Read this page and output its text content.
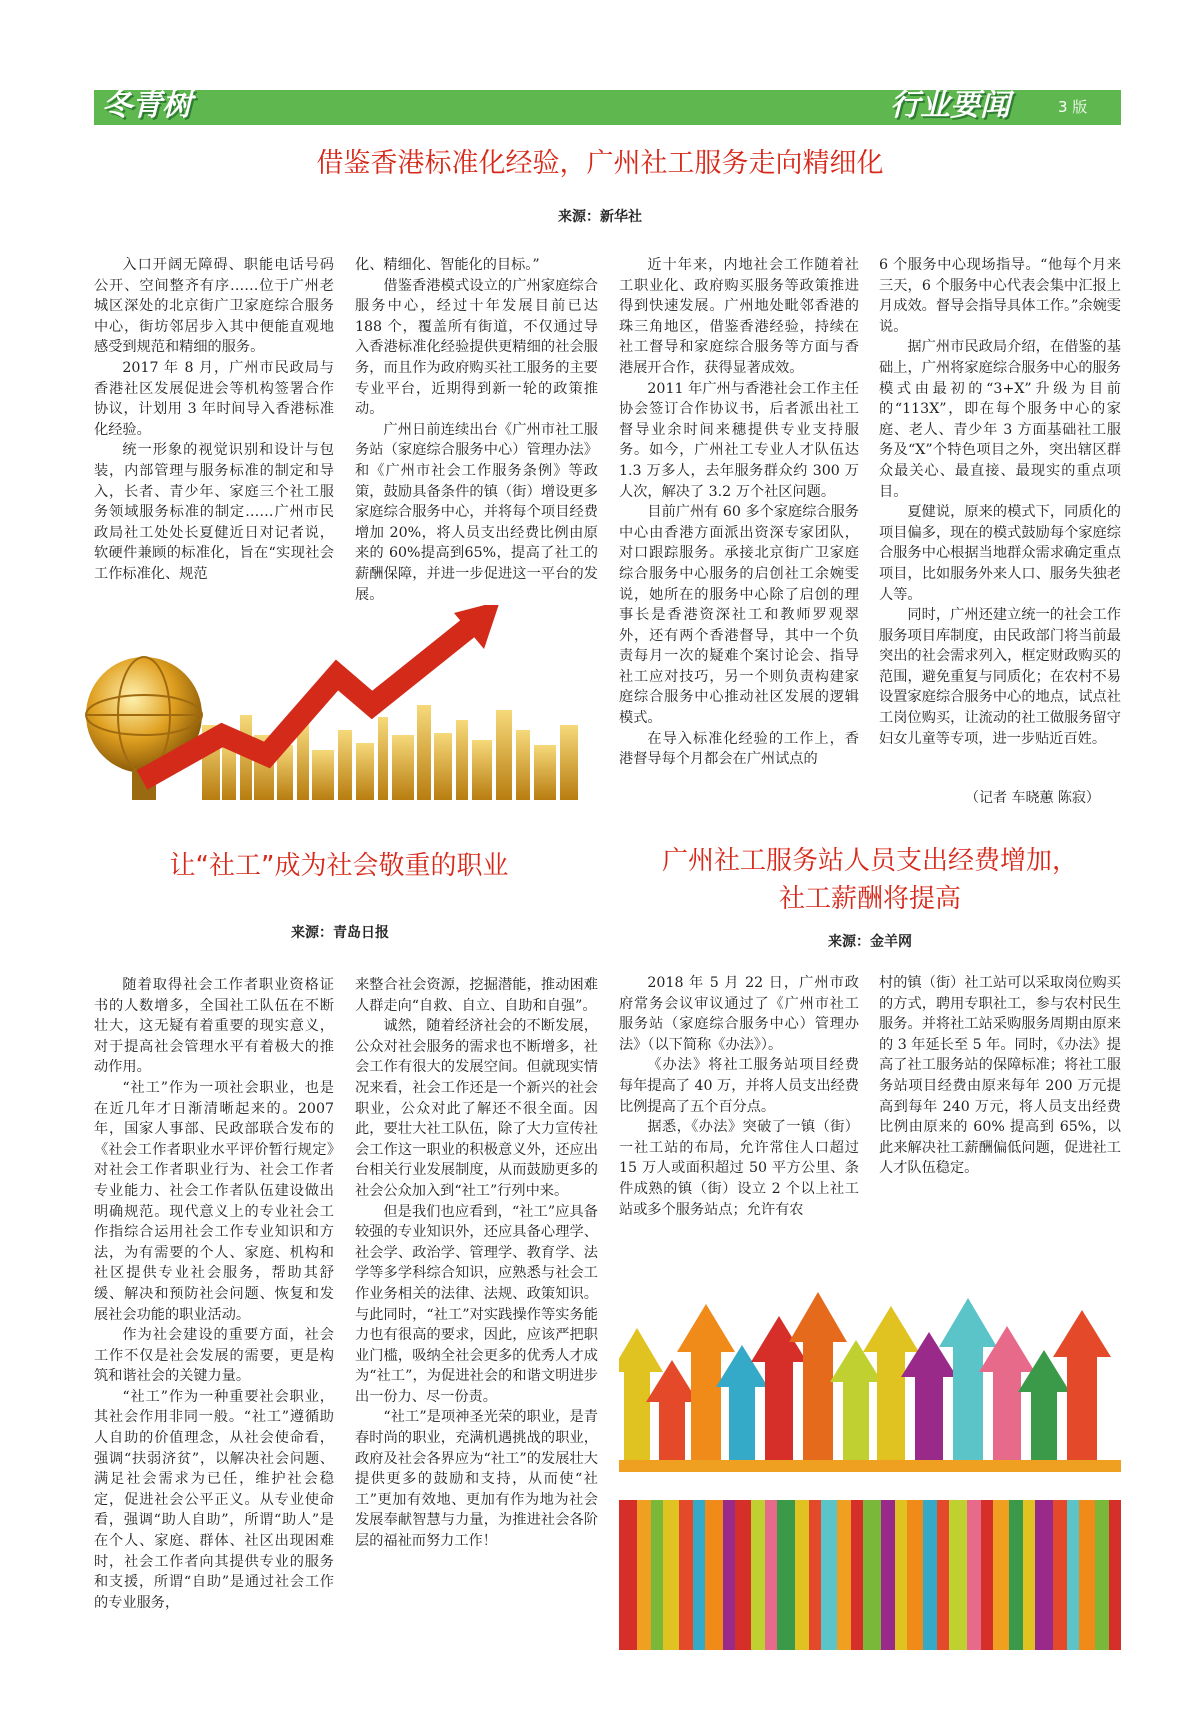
冬青树	行业要闻	3 版
借鉴香港标准化经验，广州社工服务走向精细化
来源：新华社

入口开阔无障碍、职能电话号码公开、空间整齐有序……位于广州老城区深处的北京街广卫家庭综合服务中心，街坊邻居步入其中便能直观地感受到规范和精细的服务。

2017 年 8 月，广州市民政局与香港社区发展促进会等机构签署合作协议，计划用 3 年时间导入香港标准化经验。

统一形象的视觉识别和设计与包装，内部管理与服务标准的制定和导入，长者、青少年、家庭三个社工服务领域服务标准的制定……广州市民政局社工处处长夏健近日对记者说，软硬件兼顾的标准化，旨在“实现社会工作标准化、规范

化、精细化、智能化的目标。”

借鉴香港模式设立的广州家庭综合服务中心，经过十年发展目前已达 188 个，覆盖所有街道，不仅通过导入香港标准化经验提供更精细的社会服务，而且作为政府购买社工服务的主要专业平台，近期得到新一轮的政策推动。

广州日前连续出台《广州市社工服务站（家庭综合服务中心）管理办法》和《广州市社会工作服务条例》等政策，鼓励具备条件的镇（街）增设更多家庭综合服务中心，并将每个项目经费增加 20%，将人员支出经费比例由原来的 60%提高到65%，提高了社工的薪酬保障，并进一步促进这一平台的发展。

近十年来，内地社会工作随着社工职业化、政府购买服务等政策推进得到快速发展。广州地处毗邻香港的珠三角地区，借鉴香港经验，持续在社工督导和家庭综合服务等方面与香港展开合作，获得显著成效。

2011 年广州与香港社会工作主任协会签订合作协议书，后者派出社工督导业余时间来穗提供专业支持服务。如今，广州社工专业人才队伍达 1.3 万多人，去年服务群众约 300 万人次，解决了 3.2 万个社区问题。

目前广州有 60 多个家庭综合服务中心由香港方面派出资深专家团队，对口跟踪服务。承接北京街广卫家庭综合服务中心服务的启创社工余婉雯说，她所在的服务中心除了启创的理事长是香港资深社工和教师罗观翠外，还有两个香港督导，其中一个负责每月一次的疑难个案讨论会、指导社工应对技巧，另一个则负责构建家庭综合服务中心推动社区发展的逻辑模式。

在导入标准化经验的工作上，香港督导每个月都会在广州试点的

6 个服务中心现场指导。“他每个月来三天，6 个服务中心代表会集中汇报上月成效。督导会指导具体工作。”余婉雯说。

据广州市民政局介绍，在借鉴的基础上，广州将家庭综合服务中心的服务模式由最初的“3+X”升级为目前的“113X”，即在每个服务中心的家庭、老人、青少年 3 方面基础社工服务及“X”个特色项目之外，突出辖区群众最关心、最直接、最现实的重点项目。

夏健说，原来的模式下，同质化的项目偏多，现在的模式鼓励每个家庭综合服务中心根据当地群众需求确定重点项目，比如服务外来人口、服务失独老人等。

同时，广州还建立统一的社会工作服务项目库制度，由民政部门将当前最突出的社会需求列入，框定财政购买的范围，避免重复与同质化；在农村不易设置家庭综合服务中心的地点，试点社工岗位购买，让流动的社工做服务留守妇女儿童等专项，进一步贴近百姓。

（记者 车晓蕙 陈寂）
让“社工”成为社会敬重的职业
来源：青岛日报

随着取得社会工作者职业资格证书的人数增多，全国社工队伍在不断壮大，这无疑有着重要的现实意义，对于提高社会管理水平有着极大的推动作用。

“社工”作为一项社会职业，也是在近几年才日渐清晰起来的。2007 年，国家人事部、民政部联合发布的《社会工作者职业水平评价暂行规定》对社会工作者职业行为、社会工作者专业能力、社会工作者队伍建设做出明确规范。现代意义上的专业社会工作指综合运用社会工作专业知识和方法，为有需要的个人、家庭、机构和社区提供专业社会服务，帮助其舒缓、解决和预防社会问题、恢复和发展社会功能的职业活动。

作为社会建设的重要方面，社会工作不仅是社会发展的需要，更是构筑和谐社会的关键力量。

“社工”作为一种重要社会职业，其社会作用非同一般。“社工”遵循助人自助的价值理念，从社会使命看，强调“扶弱济贫”，以解决社会问题、满足社会需求为已任，维护社会稳定，促进社会公平正义。从专业使命看，强调“助人自助”，所谓“助人”是在个人、家庭、群体、社区出现困难时，社会工作者向其提供专业的服务和支援，所谓“自助”是通过社会工作的专业服务，

来整合社会资源，挖掘潜能，推动困难人群走向“自救、自立、自助和自强”。

诚然，随着经济社会的不断发展，公众对社会服务的需求也不断增多，社会工作有很大的发展空间。但就现实情况来看，社会工作还是一个新兴的社会职业，公众对此了解还不很全面。因此，要壮大社工队伍，除了大力宣传社会工作这一职业的积极意义外，还应出台相关行业发展制度，从而鼓励更多的社会公众加入到“社工”行列中来。

但是我们也应看到，“社工”应具备较强的专业知识外，还应具备心理学、社会学、政治学、管理学、教育学、法学等多学科综合知识，应熟悉与社会工作业务相关的法律、法规、政策知识。与此同时，“社工”对实践操作等实务能力也有很高的要求，因此，应该严把职业门槛，吸纳全社会更多的优秀人才成为“社工”，为促进社会的和谐文明进步出一份力、尽一份责。

“社工”是项神圣光荣的职业，是青春时尚的职业，充满机遇挑战的职业，政府及社会各界应为“社工”的发展壮大提供更多的鼓励和支持，从而使“社工”更加有效地、更加有作为地为社会发展奉献智慧与力量，为推进社会各阶层的福祉而努力工作！

广州社工服务站人员支出经费增加，
社工薪酬将提高
来源：金羊网

2018 年 5 月 22 日，广州市政府常务会议审议通过了《广州市社工服务站（家庭综合服务中心）管理办法》（以下简称《办法》）。

《办法》将社工服务站项目经费每年提高了 40 万，并将人员支出经费比例提高了五个百分点。

据悉，《办法》突破了一镇（街）一社工站的布局，允许常住人口超过 15 万人或面积超过 50 平方公里、条件成熟的镇（街）设立 2 个以上社工站或多个服务站点；允许有农

村的镇（街）社工站可以采取岗位购买的方式，聘用专职社工，参与农村民生服务。并将社工站采购服务周期由原来的 3 年延长至 5 年。同时，《办法》提高了社工服务站的保障标准；将社工服务站项目经费由原来每年 200 万元提高到每年 240 万元，将人员支出经费比例由原来的 60% 提高到 65%，以此来解决社工薪酬偏低问题，促进社工人才队伍稳定。
